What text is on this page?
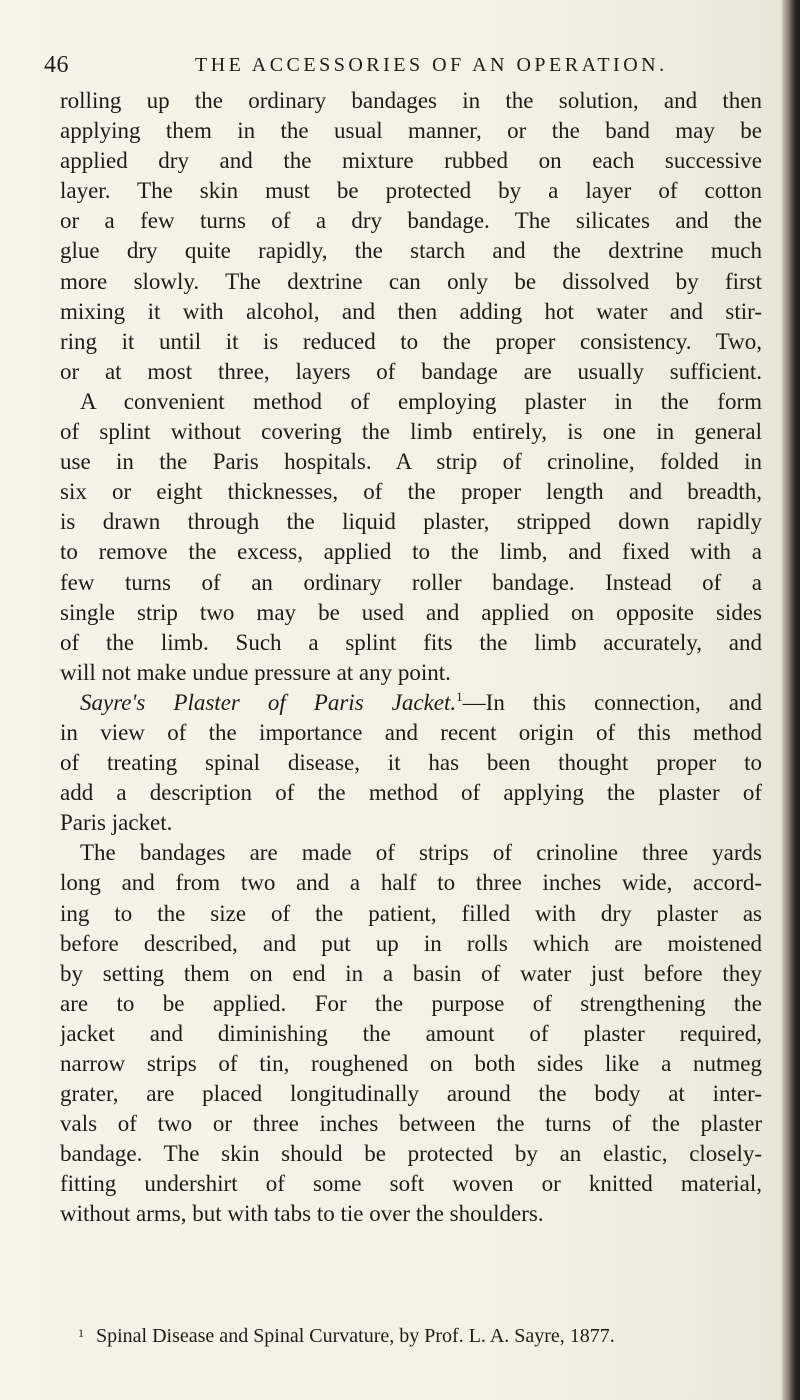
46	THE ACCESSORIES OF AN OPERATION.
rolling up the ordinary bandages in the solution, and then
applying them in the usual manner, or the band may be
applied dry and the mixture rubbed on each successive
layer. The skin must be protected by a layer of cotton
or a few turns of a dry bandage. The silicates and the
glue dry quite rapidly, the starch and the dextrine much
more slowly. The dextrine can only be dissolved by first
mixing it with alcohol, and then adding hot water and stir-
ring it until it is reduced to the proper consistency. Two,
or at most three, layers of bandage are usually sufficient.
A convenient method of employing plaster in the form
of splint without covering the limb entirely, is one in general
use in the Paris hospitals. A strip of crinoline, folded in
six or eight thicknesses, of the proper length and breadth,
is drawn through the liquid plaster, stripped down rapidly
to remove the excess, applied to the limb, and fixed with a
few turns of an ordinary roller bandage. Instead of a
single strip two may be used and applied on opposite sides
of the limb. Such a splint fits the limb accurately, and
will not make undue pressure at any point.
Sayre's Plaster of Paris Jacket.$^1$—In this connection, and
in view of the importance and recent origin of this method
of treating spinal disease, it has been thought proper to
add a description of the method of applying the plaster of
Paris jacket.
The bandages are made of strips of crinoline three yards
long and from two and a half to three inches wide, accord-
ing to the size of the patient, filled with dry plaster as
before described, and put up in rolls which are moistened
by setting them on end in a basin of water just before they
are to be applied. For the purpose of strengthening the
jacket and diminishing the amount of plaster required,
narrow strips of tin, roughened on both sides like a nutmeg
grater, are placed longitudinally around the body at inter-
vals of two or three inches between the turns of the plaster
bandage. The skin should be protected by an elastic, closely-
fitting undershirt of some soft woven or knitted material,
without arms, but with tabs to tie over the shoulders.
$^1$ Spinal Disease and Spinal Curvature, by Prof. L. A. Sayre, 1877.
